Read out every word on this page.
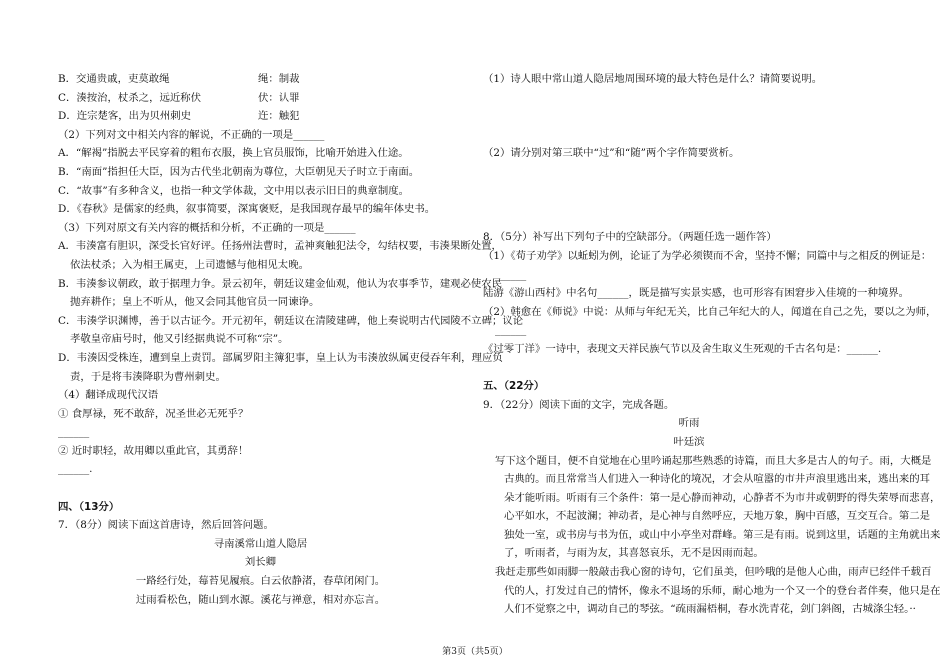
B．交通贵戚，吏莫敢绳	绳：制裁
C．湊按治，杖杀之，远近称伏	伏：认罪
D．迕宗楚客，出为贝州刺史	迕：触犯
（2）下列对文中相关内容的解说，不正确的一项是______
A．“解褐”指脱去平民穿着的粗布衣服，换上官员服饰，比喻开始进入仕途。
B．“南面”指担任大臣，因为古代坐北朝南为尊位，大臣朝见天子时立于南面。
C．“故事”有多种含义，也指一种文学体裁，文中用以表示旧日的典章制度。
D．《春秋》是儒家的经典，叙事简要，深寓褒贬，是我国现存最早的编年体史书。
（3）下列对原文有关内容的概括和分析，不正确的一项是______
A．韦湊富有胆识，深受长官好评。任扬州法曹时，孟神爽触犯法令，勾结权要，韦湊果断处置，
依法杖杀；入为相王属吏，上司遗憾与他相见太晚。
B．韦湊参议朝政，敢于据理力争。景云初年，朝廷议建金仙观，他认为农事季节，建观必使农民
抛弃耕作；皇上不听从，他又会同其他官员一同谏诤。
C．韦湊学识渊博，善于以古证今。开元初年，朝廷议在清陵建碑，他上奏说明古代园陵不立碑；议论
孝敬皇帝庙号时，他又引经据典说不可称“宗”。
D．韦湊因受株连，遭到皇上责罚。部属罗阳主簿犯事，皇上认为韦湊放纵属吏侵吞年利，理应负
责，于是将韦湊降职为曹州刺史。
（4）翻译成现代汉语
① 食厚禄，死不敢辞，况圣世必无死乎？
______
② 近时职轻，故用卿以重此官，其勇辞！
______.
四、（13分）
7．（8分）阅读下面这首唐诗，然后回答问题。
寻南溪常山道人隐居
刘长卿
一路经行处，莓苔见履痕。白云依静渚，春草闭闲门。
过雨看松色，随山到水源。溪花与禅意，相对亦忘言。
（1）诗人眼中常山道人隐居地周围环境的最大特色是什么？请简要说明。
（2）请分别对第三联中“过”和“随”两个字作简要赏析。
8．（5分）补写出下列句子中的空缺部分。（两题任选一题作答）
（1）《荀子劝学》以蚯蚓为例，论证了为学必须锲而不舍，坚持不懈；同篇中与之相反的例证是：
______
陆游《游山西村》中名句______，既是描写实景实感，也可形容有困窘步入佳境的一种境界。
（2）韩愈在《师说》中说：从师与年纪无关，比自己年纪大的人，闻道在自己之先，要以之为师，
______
《过零丁洋》一诗中，表现文天祥民族气节以及舍生取义生死观的千古名句是：______.
五、（22分）
9．（22分）阅读下面的文字，完成各题。
听雨
叶廷滨
写下这个题目，便不自觉地在心里吟诵起那些熟悉的诗篇，而且大多是古人的句子。雨，大概是
古典的。而且常常当人们进入一种诗化的境况，才会从喧嚣的市井声浪里逃出来，逃出来的耳
朵才能听雨。听雨有三个条件：第一是心静而神动，心静者不为市井或朝野的得失荣辱而悲喜，
心平如水，不起波澜；神动者，是心神与自然呼应，天地万象，胸中百感，互交互合。第二是
独处一室，或书房与书为伍，或山中小亭坐对群峰。第三是有雨。说到这里，话题的主角就出来
了，听雨者，与雨为友，其喜怒哀乐，无不是因雨而起。
我赶走那些如雨脚一般敲击我心窗的诗句，它们虽美，但吟哦的是他人心曲，雨声已经伴千载百
代的人，打发过自己的情怀，像永不退场的乐师，耐心地为一个又一个的登台者伴奏，他只是在
人们不觉察之中，调动自己的琴弦。“疏雨漏梧桐，春水洗青花，剑门斜阁，古城涤尘轻。··
第3页（共5页）
